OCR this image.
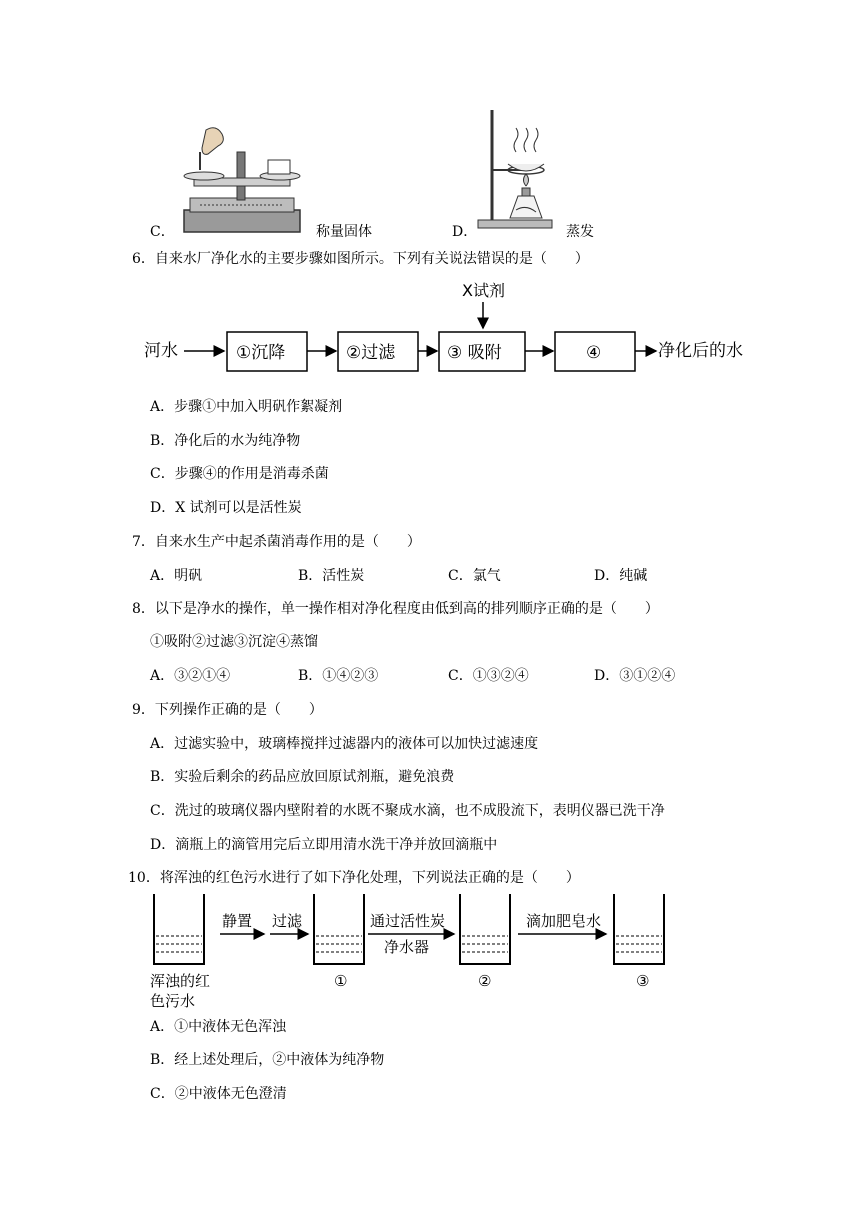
C．	称量固体	D．	蒸发
6．自来水厂净化水的主要步骤如图所示。下列有关说法错误的是（　　）
X试剂
河水	①沉降	②过滤	③ 吸附	④	净化后的水
A．步骤①中加入明矾作絮凝剂
B．净化后的水为纯净物
C．步骤④的作用是消毒杀菌
D．X 试剂可以是活性炭
7．自来水生产中起杀菌消毒作用的是（　　）
A．明矾	B．活性炭	C．氯气	D．纯碱
8．以下是净水的操作，单一操作相对净化程度由低到高的排列顺序正确的是（　　）
①吸附②过滤③沉淀④蒸馏
A．③②①④	B．①④②③	C．①③②④	D．③①②④
9．下列操作正确的是（　　）
A．过滤实验中，玻璃棒搅拌过滤器内的液体可以加快过滤速度
B．实验后剩余的药品应放回原试剂瓶，避免浪费
C．洗过的玻璃仪器内壁附着的水既不聚成水滴，也不成股流下，表明仪器已洗干净
D．滴瓶上的滴管用完后立即用清水洗干净并放回滴瓶中
10．将浑浊的红色污水进行了如下净化处理，下列说法正确的是（　　）
浑浊的红
色污水
静置 过滤
①
通过活性炭
净水器
②
滴加肥皂水
③
A．①中液体无色浑浊
B．经上述处理后，②中液体为纯净物
C．②中液体无色澄清
